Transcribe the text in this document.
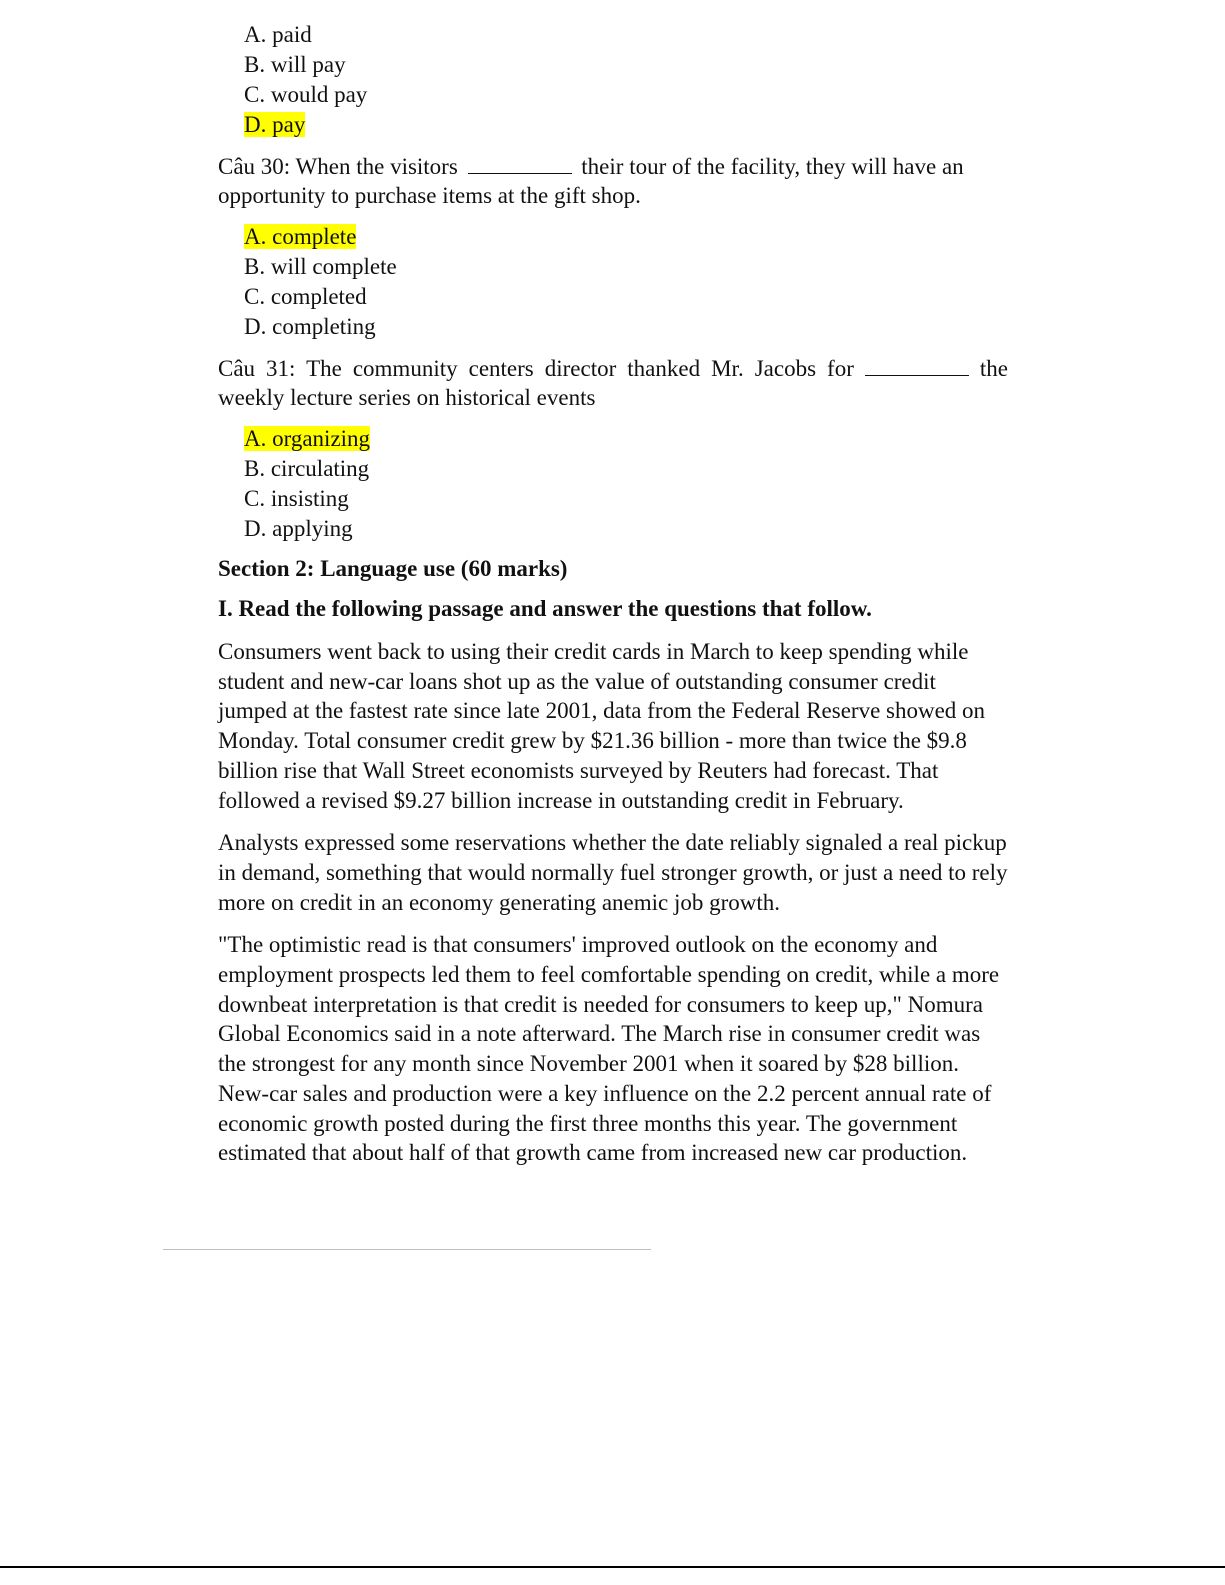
A. paid
B. will pay
C. would pay
D. pay

Câu 30: When the visitors	their tour of the facility, they will have an

opportunity to purchase items at the gift shop.

A. complete
B. will complete
C. completed
D. completing

Câu 31: The community centers director thanked Mr. Jacobs for	the

weekly lecture series on historical events

A. organizing
B. circulating
C. insisting
D. applying
Section 2: Language use (60 marks)
I. Read the following passage and answer the questions that follow.

Consumers went back to using their credit cards in March to keep spending while student and new-car loans shot up as the value of outstanding consumer credit jumped at the fastest rate since late 2001, data from the Federal Reserve showed on Monday. Total consumer credit grew by $21.36 billion - more than twice the $9.8 billion rise that Wall Street economists surveyed by Reuters had forecast. That followed a revised $9.27 billion increase in outstanding credit in February.

Analysts expressed some reservations whether the date reliably signaled a real pickup in demand, something that would normally fuel stronger growth, or just a need to rely more on credit in an economy generating anemic job growth.

"The optimistic read is that consumers' improved outlook on the economy and employment prospects led them to feel comfortable spending on credit, while a more downbeat interpretation is that credit is needed for consumers to keep up," Nomura Global Economics said in a note afterward. The March rise in consumer credit was the strongest for any month since November 2001 when it soared by $28 billion. New-car sales and production were a key influence on the 2.2 percent annual rate of economic growth posted during the first three months this year. The government estimated that about half of that growth came from increased new car production.
